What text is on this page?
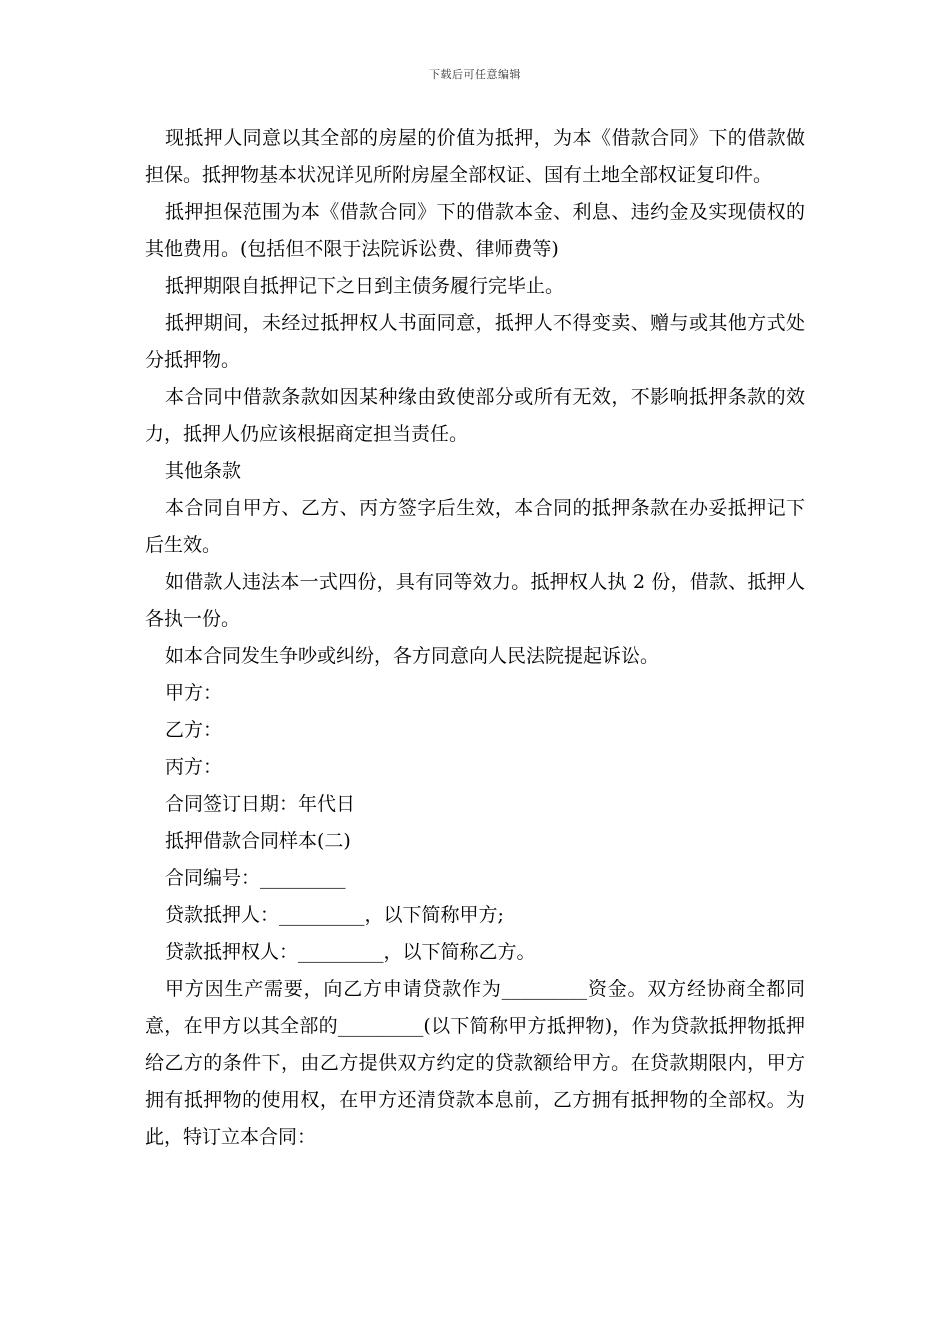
下载后可任意编辑

现抵押人同意以其全部的房屋的价值为抵押，为本《借款合同》下的借款做担保。抵押物基本状况详见所附房屋全部权证、国有土地全部权证复印件。

抵押担保范围为本《借款合同》下的借款本金、利息、违约金及实现债权的其他费用。(包括但不限于法院诉讼费、律师费等)

抵押期限自抵押记下之日到主债务履行完毕止。

抵押期间，未经过抵押权人书面同意，抵押人不得变卖、赠与或其他方式处分抵押物。

本合同中借款条款如因某种缘由致使部分或所有无效，不影响抵押条款的效力，抵押人仍应该根据商定担当责任。

其他条款

本合同自甲方、乙方、丙方签字后生效，本合同的抵押条款在办妥抵押记下后生效。

如借款人违法本一式四份，具有同等效力。抵押权人执 2 份，借款、抵押人各执一份。

如本合同发生争吵或纠纷，各方同意向人民法院提起诉讼。

甲方：

乙方：

丙方：

合同签订日期：年代日

抵押借款合同样本(二)

合同编号：_________

贷款抵押人：_________，以下简称甲方;

贷款抵押权人：_________，以下简称乙方。

甲方因生产需要，向乙方申请贷款作为_________资金。双方经协商全都同意，在甲方以其全部的_________(以下简称甲方抵押物)，作为贷款抵押物抵押给乙方的条件下，由乙方提供双方约定的贷款额给甲方。在贷款期限内，甲方拥有抵押物的使用权，在甲方还清贷款本息前，乙方拥有抵押物的全部权。为此，特订立本合同：
